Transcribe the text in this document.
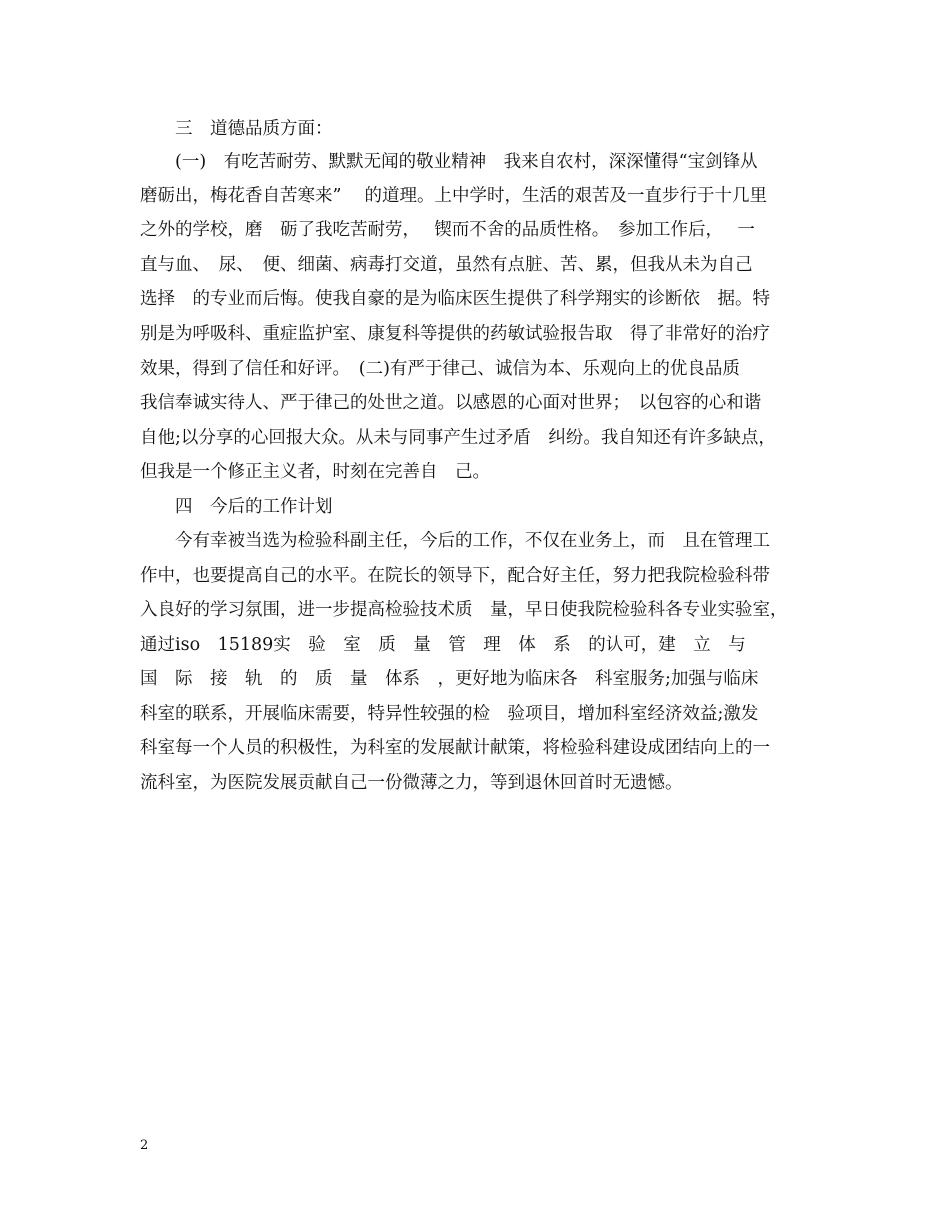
　　三　道德品质方面：
　　(一)　有吃苦耐劳、默默无闻的敬业精神　我来自农村，深深懂得“宝剑锋从
磨砺出，梅花香自苦寒来”　 的道理。上中学时，生活的艰苦及一直步行于十几里
之外的学校，磨　砺了我吃苦耐劳，　 锲而不舍的品质性格。　参加工作后，　 一
直与血、　尿、　便、细菌、病毒打交道，虽然有点脏、苦、累，但我从未为自己
选择　的专业而后悔。使我自豪的是为临床医生提供了科学翔实的诊断依　据。特
别是为呼吸科、重症监护室、康复科等提供的药敏试验报告取　得了非常好的治疗
效果，得到了信任和好评。　(二)有严于律己、诚信为本、乐观向上的优良品质
我信奉诚实待人、严于律己的处世之道。以感恩的心面对世界；　以包容的心和谐
自他;以分享的心回报大众。从未与同事产生过矛盾　纠纷。我自知还有许多缺点，
但我是一个修正主义者，时刻在完善自　己。
　　四　今后的工作计划
　　今有幸被当选为检验科副主任，今后的工作，不仅在业务上，而　且在管理工
作中，也要提高自己的水平。在院长的领导下，配合好主任，努力把我院检验科带
入良好的学习氛围，进一步提高检验技术质　量，早日使我院检验科各专业实验室，
通过iso　15189实　验　室　质　量　管　理　体　系　的认可，建　立　与
国　际　接　轨　的　质　量　体系　，更好地为临床各　科室服务;加强与临床
科室的联系，开展临床需要，特异性较强的检　验项目，增加科室经济效益;激发
科室每一个人员的积极性，为科室的发展献计献策，将检验科建设成团结向上的一
流科室，为医院发展贡献自己一份微薄之力，等到退休回首时无遗憾。
2
